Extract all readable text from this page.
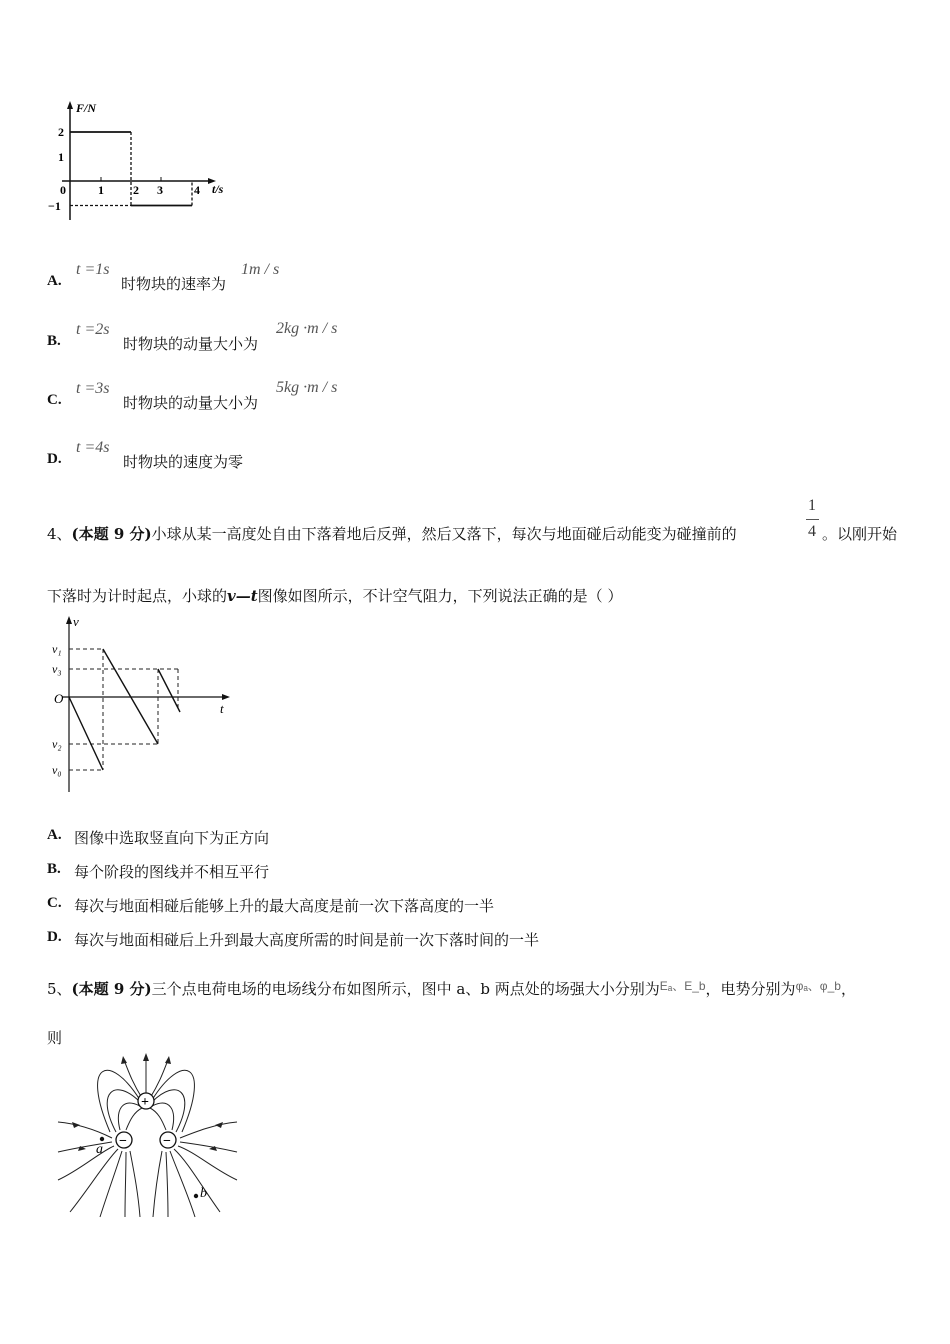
F/N
t/s
2
1
−1
0	1 2 3	4
A.
t =1s
时物块的速率为
1m / s
B.
t =2s
时物块的动量大小为
2kg ·m / s
C.
t =3s
时物块的动量大小为
5kg ·m / s
D.
t =4s
时物块的速度为零
4、(本题 9 分)小球从某一高度处自由下落着地后反弹，然后又落下，每次与地面碰后动能变为碰撞前的
1
4 。以刚开始
下落时为计时起点，小球的v—t图像如图所示，不计空气阻力，下列说法正确的是（ ）
v
t
O
v₁
v₃
v₂
v₀
A. 图像中选取竖直向下为正方向
B. 每个阶段的图线并不相互平行
C. 每次与地面相碰后能够上升的最大高度是前一次下落高度的一半
D. 每次与地面相碰后上升到最大高度所需的时间是前一次下落时间的一半
5、(本题 9 分)三个点电荷电场的电场线分布如图所示，图中 a、b 两点处的场强大小分别为$^{E_a、E\_b}$，电势分别为$^{\varphi_a、\varphi\_b}$，
则
+
−	−
a
b
